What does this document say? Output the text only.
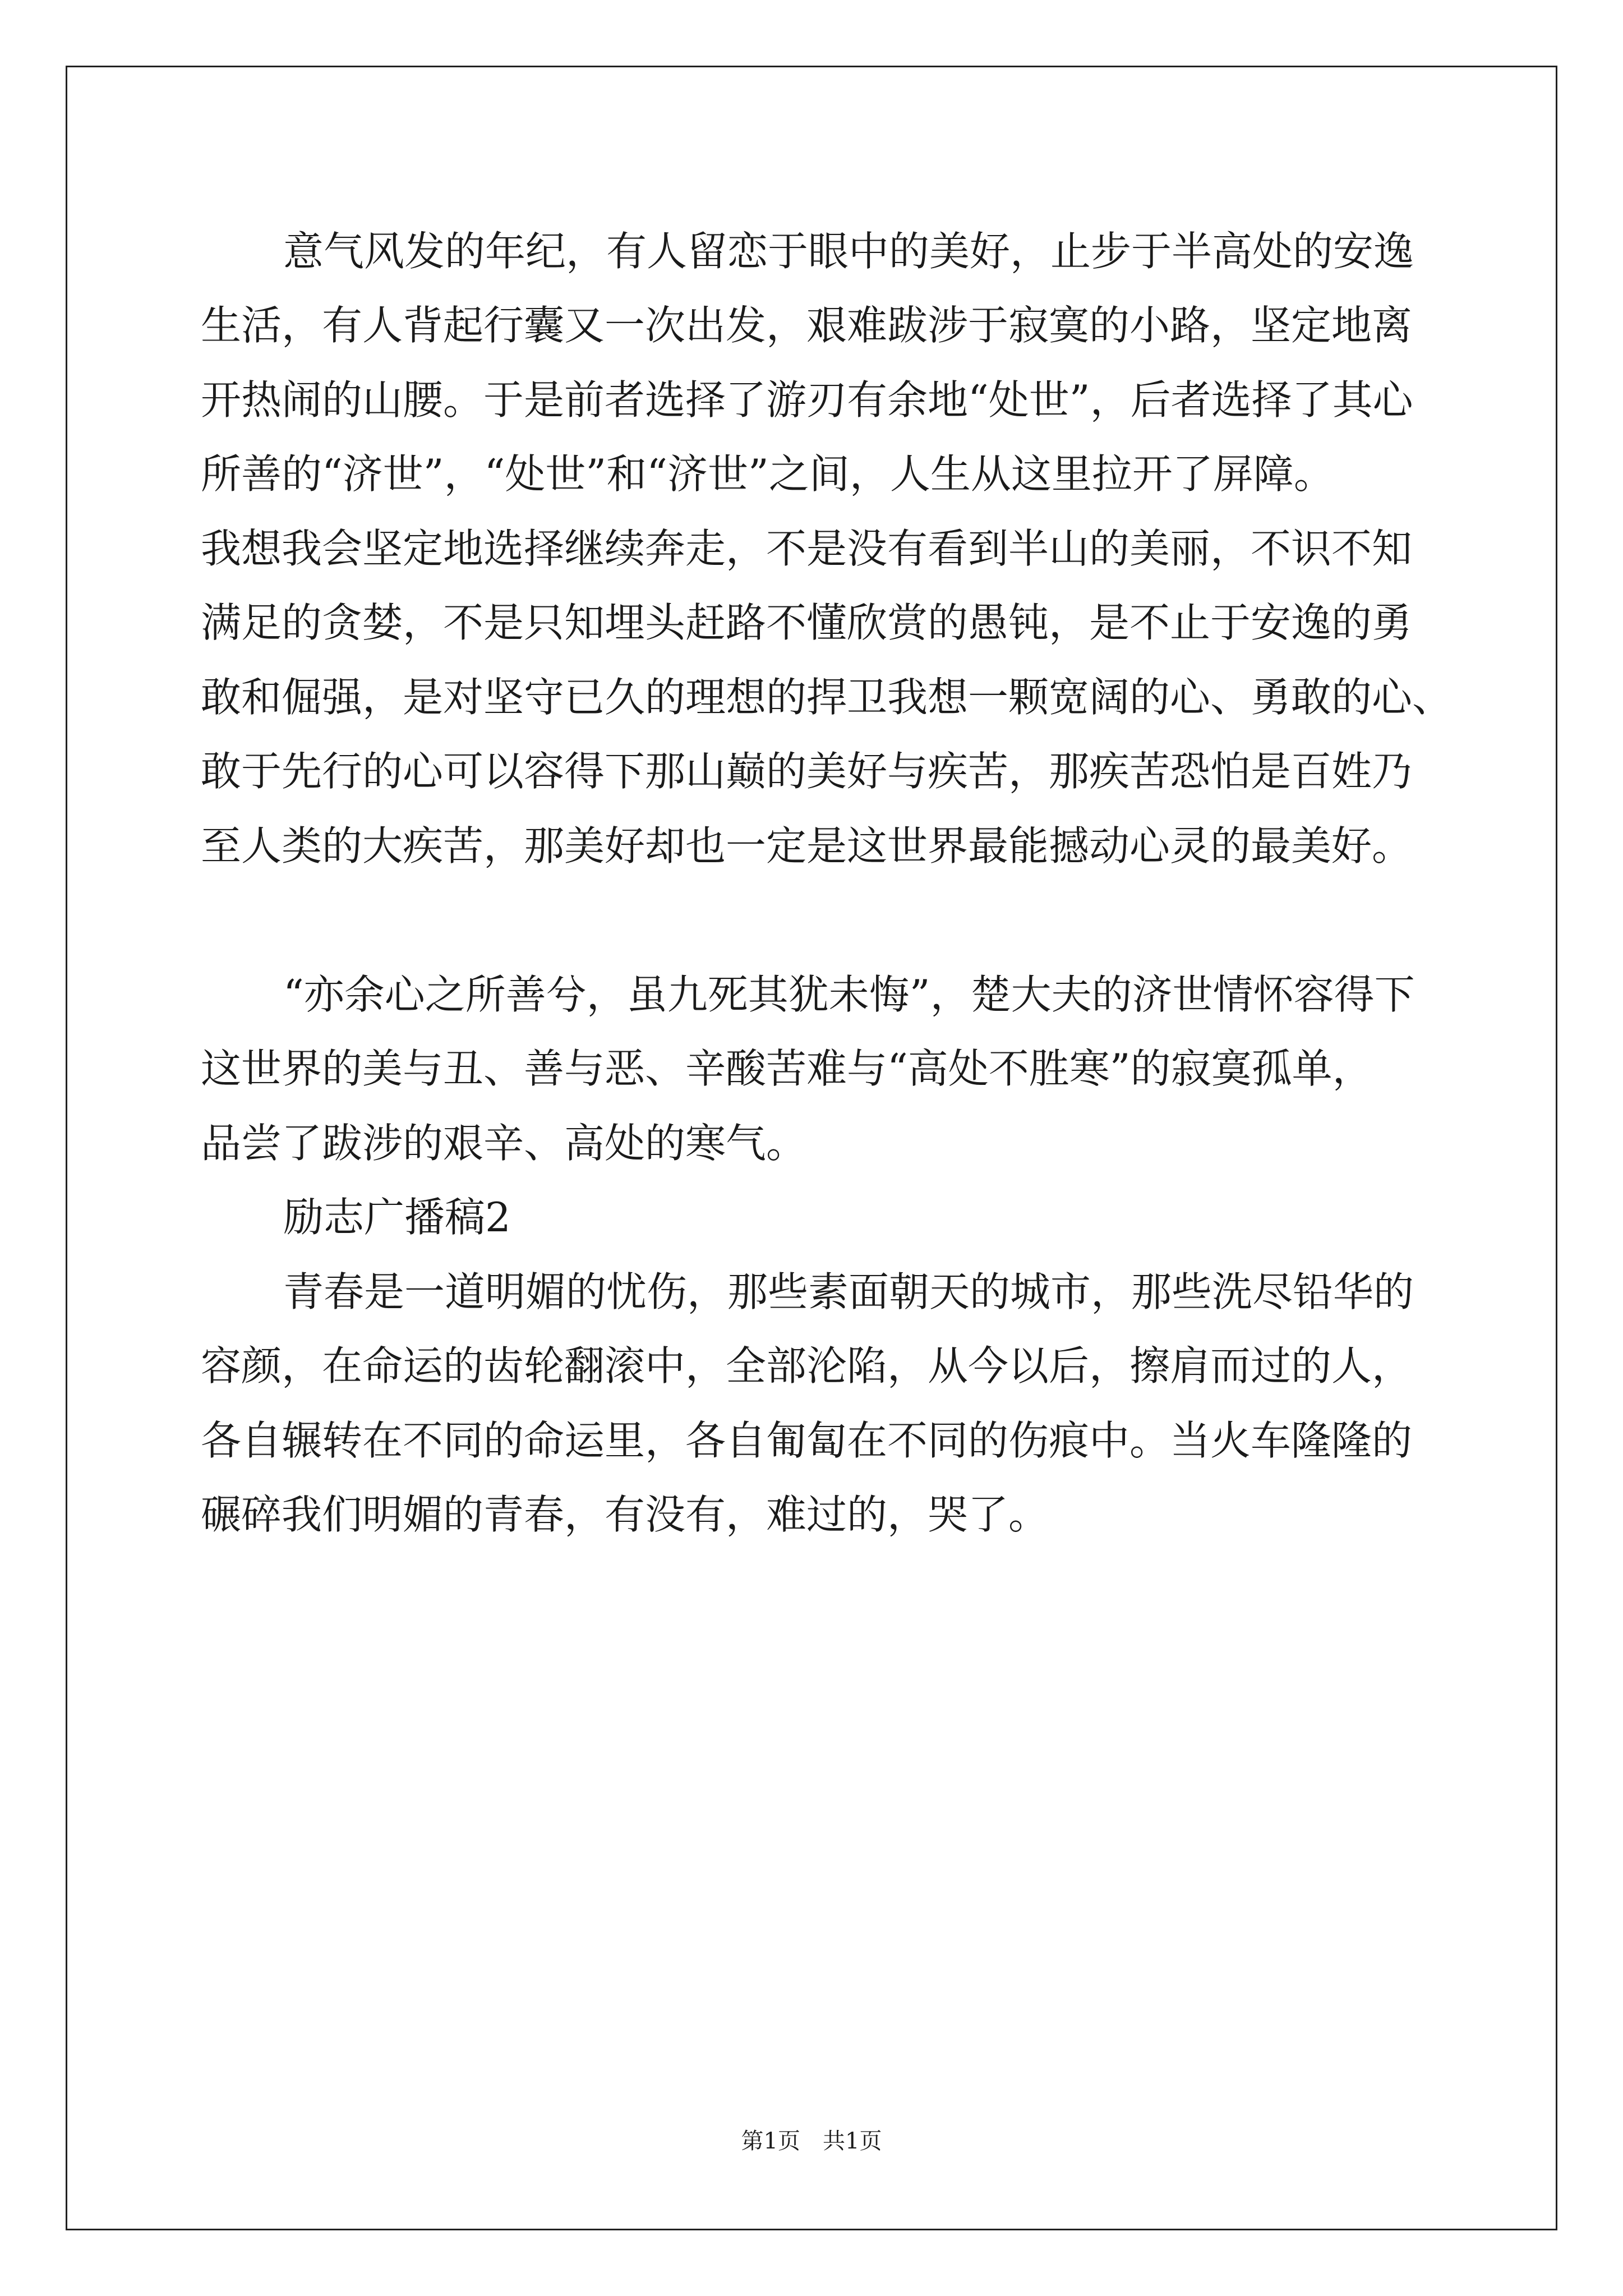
意气风发的年纪，有人留恋于眼中的美好，止步于半高处的安逸
生活，有人背起行囊又一次出发，艰难跋涉于寂寞的小路，坚定地离
开热闹的山腰。于是前者选择了游刃有余地“处世”，后者选择了其心
所善的“济世”，“处世”和“济世”之间，人生从这里拉开了屏障。
我想我会坚定地选择继续奔走，不是没有看到半山的美丽，不识不知
满足的贪婪，不是只知埋头赶路不懂欣赏的愚钝，是不止于安逸的勇
敢和倔强，是对坚守已久的理想的捍卫我想一颗宽阔的心、勇敢的心、
敢于先行的心可以容得下那山巅的美好与疾苦，那疾苦恐怕是百姓乃
至人类的大疾苦，那美好却也一定是这世界最能撼动心灵的最美好。
“亦余心之所善兮，虽九死其犹未悔”，楚大夫的济世情怀容得下
这世界的美与丑、善与恶、辛酸苦难与“高处不胜寒”的寂寞孤单，
品尝了跋涉的艰辛、高处的寒气。
励志广播稿2
青春是一道明媚的忧伤，那些素面朝天的城市，那些洗尽铅华的
容颜，在命运的齿轮翻滚中，全部沦陷，从今以后，擦肩而过的人，
各自辗转在不同的命运里，各自匍匐在不同的伤痕中。当火车隆隆的
碾碎我们明媚的青春，有没有，难过的，哭了。
第1页　共1页
